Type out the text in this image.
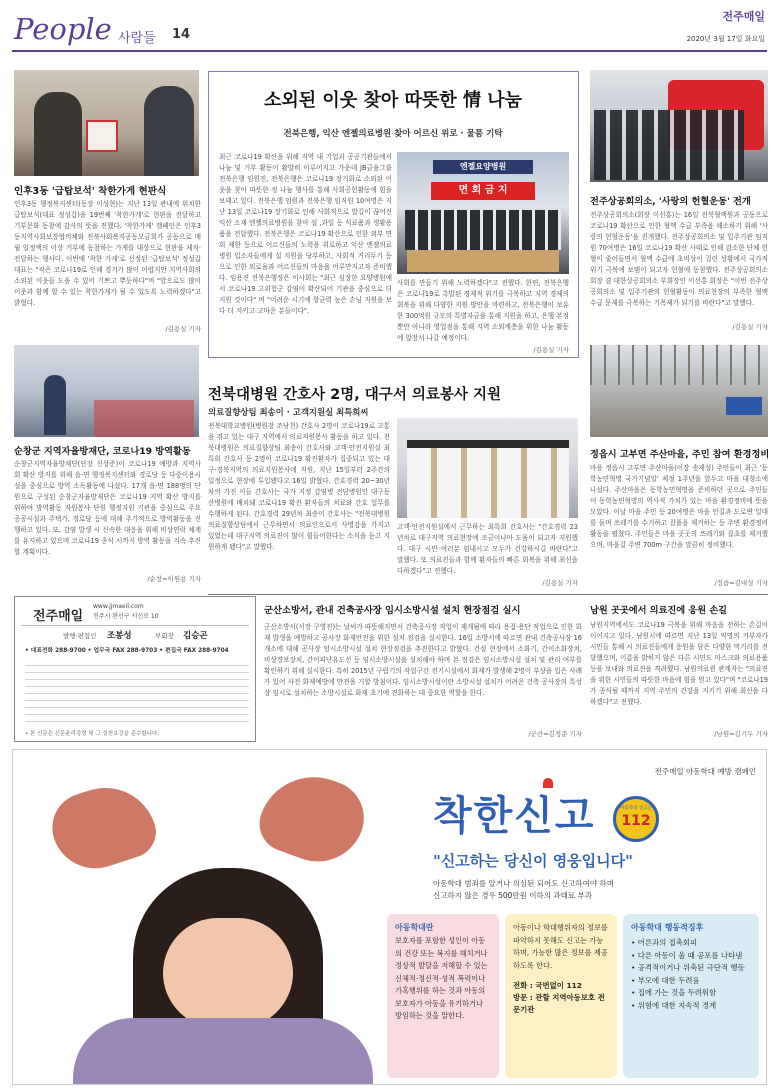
People 사람들 14
전주매일
2020년 3월 17일 화요일
인후3동 '급탑보석' 착한가게 현판식
인후3동 행정복지센터(동장 이성현)는 지난 13일 관내에 위치한 급탑보석(대표 정성갑)을 19번째 '착한가게'로 현판을 전달하고 기부문화 동참에 감사의 뜻을 전했다. '착한가게' 캠페인은 인후3동지역사회보장협의체와 전북사회복지공동모금회가 공동으로 매월 일정액의 이상 기부에 동참하는 가게를 대상으로 현판을 제작·전달하는 행사다. 이번에 '착한 가게'로 선정된 '급탑보석' 정성갑 대표는 "작은 코로나19로 인해 경기가 많이 어렵지만 지역사회의 소외된 이웃들 도움 수 있어 기쁘고 뿌듯하다"며 "앞으로도 많이 이웃과 함께 할 수 있는 착한가게가 될 수 있도록 노력하겠다"고 밝혔다.
/김용실 기자
순창군 지역자율방재단, 코로나19 방역활동
순창군지역자율방재단(단장 신상준)이 코로나19 예방과 지역사회 확산 방지를 위해 읍·면 행정복지센터와 경로당 등 다중이용시설을 중심으로 방역 소독활동에 나섰다. 17개 읍·면 188명의 단원으로 구성된 순창군자율방재단은 코로나19 지역 확산 방지를 위하여 방역활동 자원봉사 단원 행정지원 기관을 중심으로 주요 공공시설과 주택가, 경로당 등에 대해 주기적으로 방역활동을 진행하고 있다. 또, 감염 발생 시 신속한 대응을 위해 비상연락 체계를 유지하고 있으며 코로나19 종식 시까지 방역 활동을 지속 추진할 계획이다.
/순창=이원용 기자
전주매일
www.jjmaeil.com
전주시 완산구 서신로 10
발행·편집인 조봉성	부회장 김승곤
• 대표전화 288-9700 • 업무국 FAX 288-9703 • 편집국 FAX 288-9704
• 본 신문은 신문윤리강령 및 그 실천요강을 준수합니다.
소외된 이웃 찾아 따뜻한 情 나눔
전북은행, 익산 엔젤의료병원 찾아 어르신 위로 · 물품 기탁
최근 코로나19 확산을 위해 지역 내 기업과 공공기관들에서 나눔 및 기부 활동이 활발히 이루어지고 가운데 JB금융그룹 전북은행 임원진, 전북은행은 코로나19 장기화로 소외된 이웃을 찾아 따뜻한 정 나눔 행사를 통해 사회공헌활동에 힘을 보태고 있다. 전북은행 임원과 전북은행 임직원 10여명은 지난 13일 코로나19 장기화로 인해 사회적으로 발길이 끊어진 익산 소재 엔젤의료병원을 찾아 설 ,과일 등 식료품과 생활용품을 전달했다. 전북은행은 코로나19 확산으로 인한 외부 면회 제한 등으로 어르신들의 노력을 위로하고 익산 엔젤의료병원 입소자들에게 설 지원을 당부하고, 사회적 거리두기 등으로 인한 외로움과 어르신들의 마음을 어루만지고자 준비했다. 임용진 전북은행장은 이사회는 "최근 심장한 요양병원에서 코로나19 고위험군 감염이 확산되어 기관을 중심으로 더 지원 것이다" 며 "어려운 시기에 항균력 높은 손님 지원을 보다 더 지키고 고마운 분들이다".
엔젤요양병원
면 회 금 지
사회를 만들기 위해 노력하겠다"고 전했다. 한편, 전북은행은 코로나19로 촉발된 경제적 위기를 극복하고 지역 경제의 회복을 위해 다양한 지원 방안을 마련하고, 전북은행이 보유한 300억원 규모의 특별자금을 통해 지원을 하고, 은행 본점 뿐만 아니라 영업점을 통해 지역 소외계층을 위한 나눔 활동에 앞장서 나갈 예정이다.
/김용실 기자
전주상공회의소, '사랑의 헌혈운동' 전개
전주상공회의소(회장 이선홍)는 16일 전북혈액원과 공동으로 코로나19 확산으로 인한 혈액 수급 부족을 해소하기 위해 '사랑의 헌혈운동'을 전개했다. 전주상공회의소 및 입주기관 임직원 70여명은 16일 코로나19 확산 사태로 인해 감소한 단체 헌혈이 줄어들면서 혈액 수급에 초비상이 걸린 상황에서 국가적 위기 극복에 보탬이 되고자 헌혈에 동참했다. 전주상공회의소 회장 겸 대한상공회의소 부회장인 이선홍 회장은 "이번 전주상공회의소 및 입주기관의 헌혈활동이 의료현장의 부족한 혈액 수급 문제를 극복하는 기폭제가 되기를 바란다"고 말했다.
/김용실 기자
정읍시 고부면 주산마을, 주민 참여 환경정비
마을 정읍시 고부면 주산마을(이장 송재성) 주민들이 최근 '동학농민혁명 국가기념일' 제정 1주년을 앞두고 마을 대청소에 나섰다. 주산마을은 동학농민혁명을 준비하던 곳으로 주민들이 동학농민혁명의 역사적 가치가 있는 마을 환경정비에 뜻을 모았다. 이날 마을 주민 등 20여명은 마을 안길과 도로변 일대를 돌며 쓰레기를 수거하고 잡풀을 제거하는 등 주변 환경정비 활동을 펼쳤다. 주민들은 마을 곳곳의 쓰레기와 잡초를 제거했으며, 마을길 주변 700m 구간을 말끔히 정비했다.
/정읍=김대성 기자
전북대병원 간호사 2명, 대구서 의료봉사 지원
의료질향상팀 최송이 · 고객지원실 최특희씨
전북대학교병원(병원장 조남천) 간호사 2명이 코로나19로 고통을 겪고 있는 대구 지역에서 의료지원봉사 활동을 하고 있다. 전북대병원은 의료질향상팀 최송이 간호사와 고객·안전지원실 최특희 간호사 등 2명이 코로나19 확진환자가 집중되고 있는 대구·경북지역의 의료지원봉사에 지원, 지난 15일부터 2주간의 일정으로 현장에 투입됐다고 16일 밝혔다. 간호경력 20~30년차의 가진 이들 간호사는 국가 지정 감염병 전담병원인 대구동산병원에 배치돼 코로나19 확진 환자들의 치료와 간호 업무를 수행하게 된다. 간호경력 29년차 최송이 간호사는 "전북대병원 의료질향상팀에서 근무하면서 의료인으로서 사명감을 가지고 있었는데 대구지역 의료진이 많이 힘들어한다는 소식을 듣고 지원하게 됐다"고 말했다.
고객·안전지원실에서 근무하는 최특희 간호사는 "간호경력 23년차로 대구지역 의료현장에 조금이나마 도움이 되고자 지원했다. 대구 시민 여러분 힘내시고 모두가 건강하시길 바란다"고 말했다. 또 의료진들과 함께 환자들의 빠른 회복을 위해 최선을 다하겠다"고 전했다.
/김용실 기자
군산소방서, 관내 건축공사장 임시소방시설 설치 현장점검 실시
군산소방서(서장 구영진)는 날씨가 따뜻해지면서 건축공사장 작업이 재개됨에 따라 용접·용단 작업으로 인한 화재 발생을 예방하고 공사장 화재안전을 위한 설치 점검을 실시한다. 16일 소방서에 따르면 관내 건축공사장 16개소에 대해 공사장 임시소방시설 설치 현장점검을 추진한다고 밝혔다. 건설 현장에서 소화기, 간이소화장치, 비상경보장치, 간이피난유도선 등 임시소방시설을 설치해야 하며 본 점검은 임시소방시설 설치 및 관리 여부를 확인하기 위해 실시한다. 특히 2015년 구랍기의 작업구간 전기시설에서 화재가 발생해 2명이 부상을 입은 사례가 있어 사전 화재예방에 만전을 기할 방침이다. 임시소방시설이란 소방시설 설치가 어려운 건축 공사장의 특성상 임시로 설치하는 소방시설로 화재 초기에 진화하는 데 중요한 역할을 한다.
/군산=김정준 기자
남원 곳곳에서 의료진에 응원 손길
남원지역에서도 코로나19 극복을 위해 마음을 전하는 손길이 이어지고 있다. 남원시에 따르면 지난 13일 익명의 기부자가 시민들 통해 시 의료진들에게 응원을 담은 다양한 먹거리를 전달했으며, 이름을 밝히지 않은 다른 시민도 마스크와 의료용품 등을 보내와 의료진을 격려했다. 남원의료원 관계자는 "의료진을 위한 시민들의 따뜻한 마음에 힘을 얻고 있다"며 "코로나19가 종식될 때까지 지역 주민의 건강을 지키기 위해 최선을 다하겠다"고 전했다.
/남원=김기두 기자
전주매일 아동학대 예방 캠페인
착한신고	아동학대 신고는
112
"신고하는 당신이 영웅입니다"
아동학대 범죄를 알거나 의심된 되어도 신고하여야 하며
신고하지 않은 경우 500만원 이하의 과태료 부과
아동학대란
보호자를 포함한 성인이 아동의 건강 또는 복지를 해치거나 정상적 발달을 저해할 수 있는 신체적·정신적·성적 폭력이나 가혹행위를 하는 것과 아동의 보호자가 아동을 유기하거나 방임하는 것을 말한다.
아동이나 학대행위자의 정보를 파악하지 못해도 신고는 가능하며, 가능한 많은 정보를 제공하도록 한다.
전화 : 국번없이 112
방문 : 관할 지역아동보호 전문기관
아동학대 행동적징후
• 어른과의 접촉회피
• 다른 아동이 울 때 공포를 나타냄
• 공격적이거나 위축된 극단적 행동
• 부모에 대한 두려움
• 집에 가는 것을 두려워함
• 위험에 대한 지속적 경계
